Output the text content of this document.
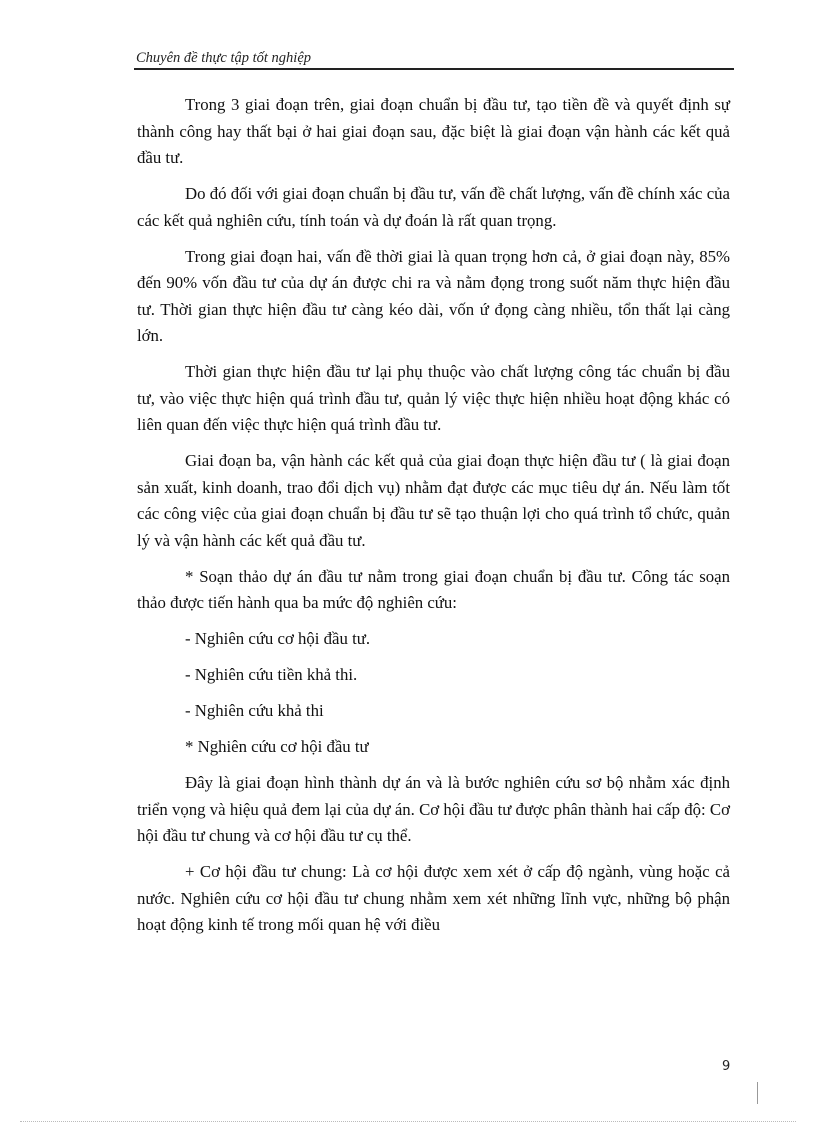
Chuyên đề thực tập tốt nghiệp

Trong 3 giai đoạn trên, giai đoạn chuẩn bị đầu tư, tạo tiền đề và quyết định sự thành công hay thất bại ở hai giai đoạn sau, đặc biệt là giai đoạn vận hành các kết quả đầu tư.

Do đó đối với giai đoạn chuẩn bị đầu tư, vấn đề chất lượng, vấn đề chính xác của các kết quả nghiên cứu, tính toán và dự đoán là rất quan trọng.

Trong giai đoạn hai, vấn đề thời giai là quan trọng hơn cả, ở giai đoạn này, 85% đến 90% vốn đầu tư của dự án được chi ra và nằm đọng trong suốt năm thực hiện đầu tư. Thời gian thực hiện đầu tư càng kéo dài, vốn ứ đọng càng nhiều, tổn thất lại càng lớn.

Thời gian thực hiện đầu tư lại phụ thuộc vào chất lượng công tác chuẩn bị đầu tư, vào việc thực hiện quá trình đầu tư, quản lý việc thực hiện nhiều hoạt động khác có liên quan đến việc thực hiện quá trình đầu tư.

Giai đoạn ba, vận hành các kết quả của giai đoạn thực hiện đầu tư ( là giai đoạn sản xuất, kinh doanh, trao đổi dịch vụ) nhằm đạt được các mục tiêu dự án. Nếu làm tốt các công việc của giai đoạn chuẩn bị đầu tư sẽ tạo thuận lợi cho quá trình tổ chức, quản lý và vận hành các kết quả đầu tư.

* Soạn thảo dự án đầu tư nằm trong giai đoạn chuẩn bị đầu tư. Công tác soạn thảo được tiến hành qua ba mức độ nghiên cứu:

- Nghiên cứu cơ hội đầu tư.

- Nghiên cứu tiền khả thi.

- Nghiên cứu khả thi

* Nghiên cứu cơ hội đầu tư

Đây là giai đoạn hình thành dự án và là bước nghiên cứu sơ bộ nhằm xác định triển vọng và hiệu quả đem lại của dự án. Cơ hội đầu tư được phân thành hai cấp độ: Cơ hội đầu tư chung và cơ hội đầu tư cụ thể.

+ Cơ hội đầu tư chung: Là cơ hội được xem xét ở cấp độ ngành, vùng hoặc cả nước. Nghiên cứu cơ hội đầu tư chung nhằm xem xét những lĩnh vực, những bộ phận hoạt động kinh tế trong mối quan hệ với điều

9
